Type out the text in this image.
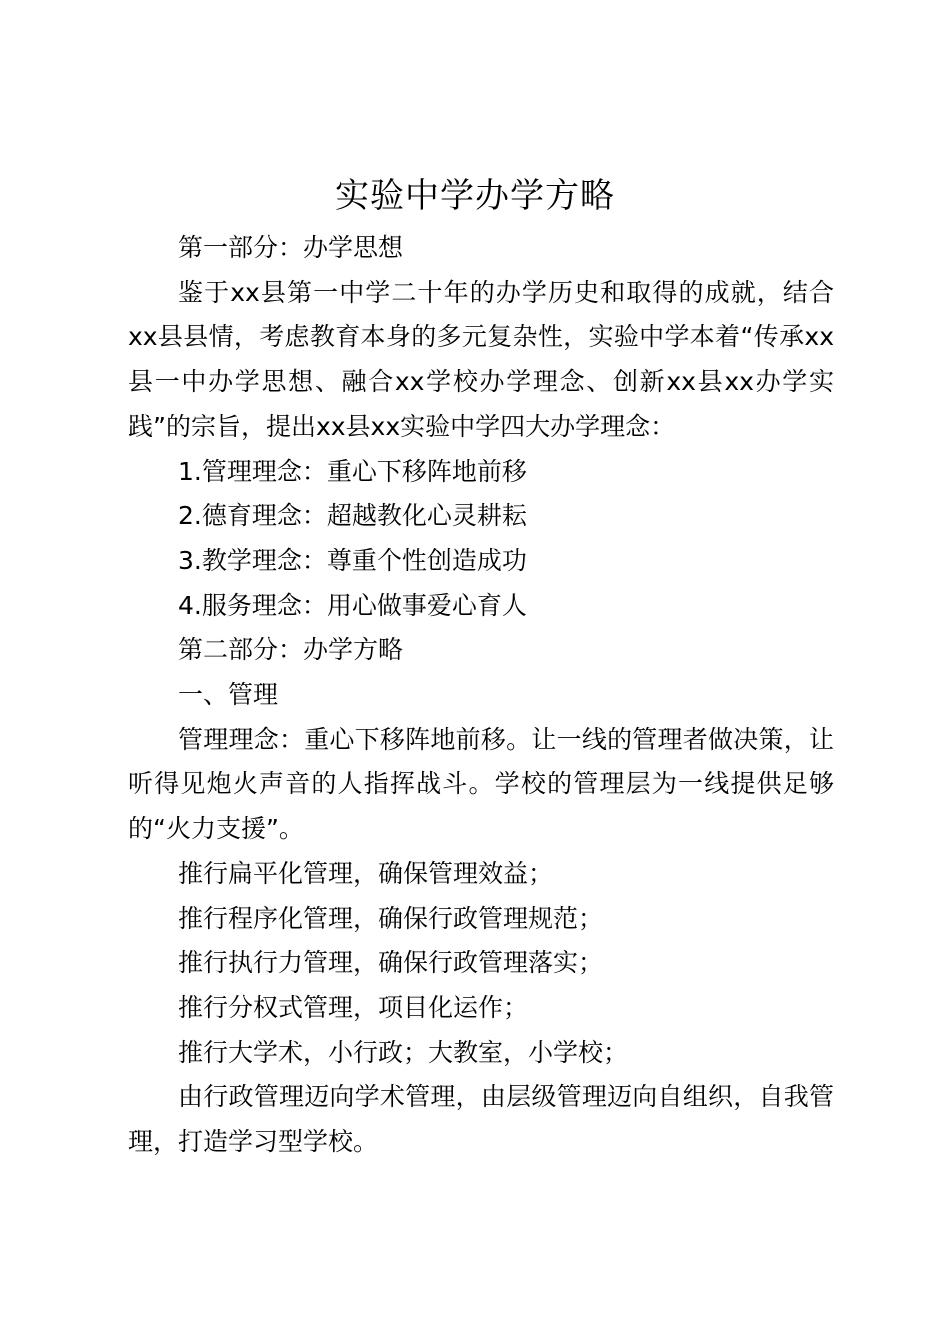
实验中学办学方略

第一部分：办学思想

鉴于xx县第一中学二十年的办学历史和取得的成就，结合xx县县情，考虑教育本身的多元复杂性，实验中学本着“传承xx县一中办学思想、融合xx学校办学理念、创新xx县xx办学实践”的宗旨，提出xx县xx实验中学四大办学理念：

1.管理理念：重心下移阵地前移

2.德育理念：超越教化心灵耕耘

3.教学理念：尊重个性创造成功

4.服务理念：用心做事爱心育人

第二部分：办学方略

一、管理

管理理念：重心下移阵地前移。让一线的管理者做决策，让听得见炮火声音的人指挥战斗。学校的管理层为一线提供足够的“火力支援”。

推行扁平化管理，确保管理效益；

推行程序化管理，确保行政管理规范；

推行执行力管理，确保行政管理落实；

推行分权式管理，项目化运作；

推行大学术，小行政；大教室，小学校；

由行政管理迈向学术管理，由层级管理迈向自组织，自我管理，打造学习型学校。
